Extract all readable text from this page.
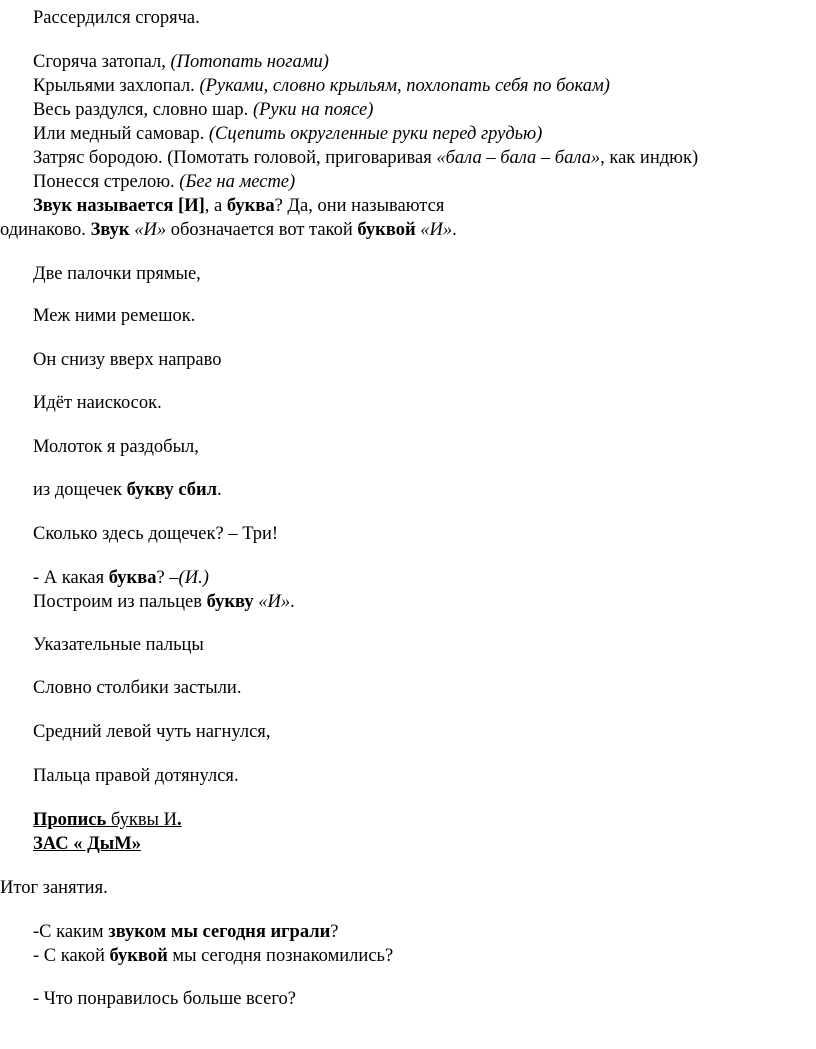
Рассердился сгоряча.
Сгоряча затопал, (Потопать ногами)
Крыльями захлопал. (Руками, словно крыльям, похлопать себя по бокам)
Весь раздулся, словно шар. (Руки на поясе)
Или медный самовар. (Сцепить округленные руки перед грудью)
Затряс бородою. (Помотать головой, приговаривая «бала – бала – бала», как индюк)
Понесся стрелою. (Бег на месте)
Звук называется [И], а буква? Да, они называются
одинаково. Звук «И» обозначается вот такой буквой «И».
Две палочки прямые,
Меж ними ремешок.
Он снизу вверх направо
Идёт наискосок.
Молоток я раздобыл,
из дощечек букву сбил.
Сколько здесь дощечек? – Три!
- А какая буква? –(И.)
Построим из пальцев букву «И».
Указательные пальцы
Словно столбики застыли.
Средний левой чуть нагнулся,
Пальца правой дотянулся.
Пропись буквы И.
ЗАС « ДыМ»
Итог занятия.
-С каким звуком мы сегодня играли?
- С какой буквой мы сегодня познакомились?
- Что понравилось больше всего?
